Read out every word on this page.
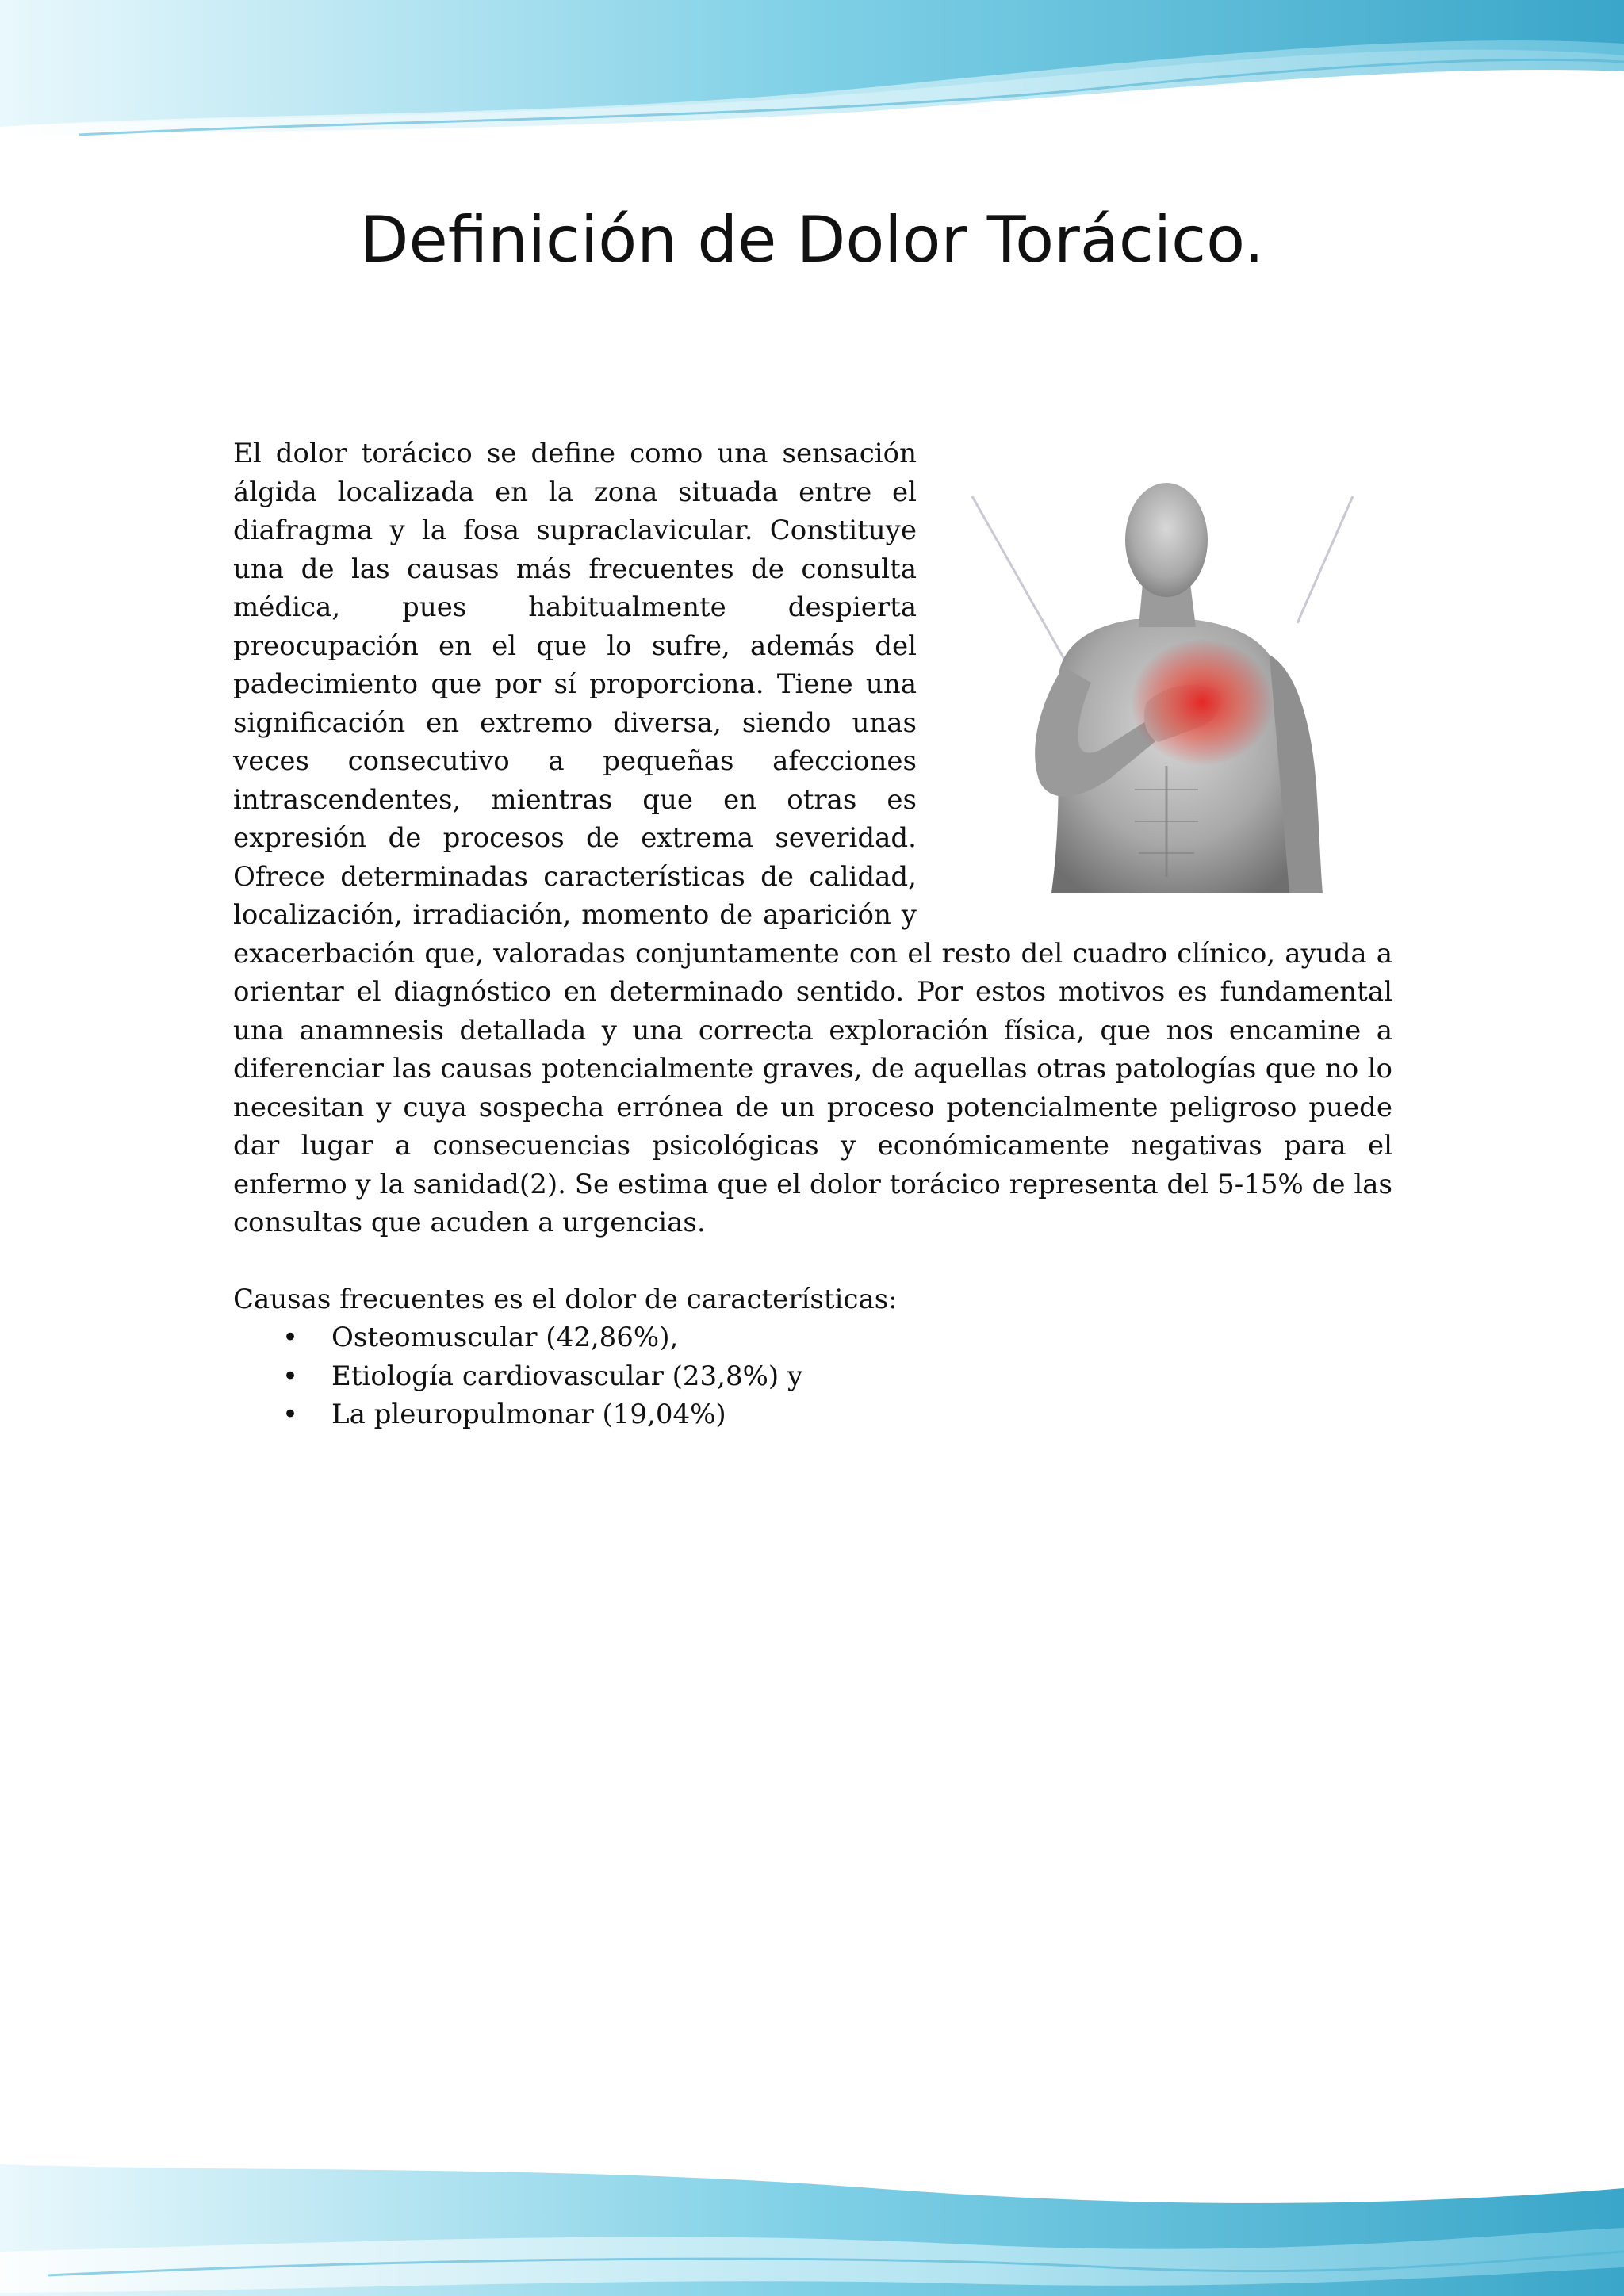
Definición de Dolor Torácico.

El dolor torácico se define como una sensación álgida localizada en la zona situada entre el diafragma y la fosa supraclavicular. Constituye una de las causas más frecuentes de consulta médica, pues habitualmente despierta preocupación en el que lo sufre, además del padecimiento que por sí proporciona. Tiene una significación en extremo diversa, siendo unas veces consecutivo a pequeñas afecciones intrascendentes, mientras que en otras es expresión de procesos de extrema severidad. Ofrece determinadas características de calidad, localización, irradiación, momento de aparición y exacerbación que, valoradas conjuntamente con el resto del cuadro clínico, ayuda a orientar el diagnóstico en determinado sentido. Por estos motivos es fundamental una anamnesis detallada y una correcta exploración física, que nos encamine a diferenciar las causas potencialmente graves, de aquellas otras patologías que no lo necesitan y cuya sospecha errónea de un proceso potencialmente peligroso puede dar lugar a consecuencias psicológicas y económicamente negativas para el enfermo y la sanidad(2). Se estima que el dolor torácico representa del 5-15% de las consultas que acuden a urgencias.

Causas frecuentes es el dolor de características:

• Osteomuscular (42,86%),
• Etiología cardiovascular (23,8%) y
• La pleuropulmonar (19,04%)
